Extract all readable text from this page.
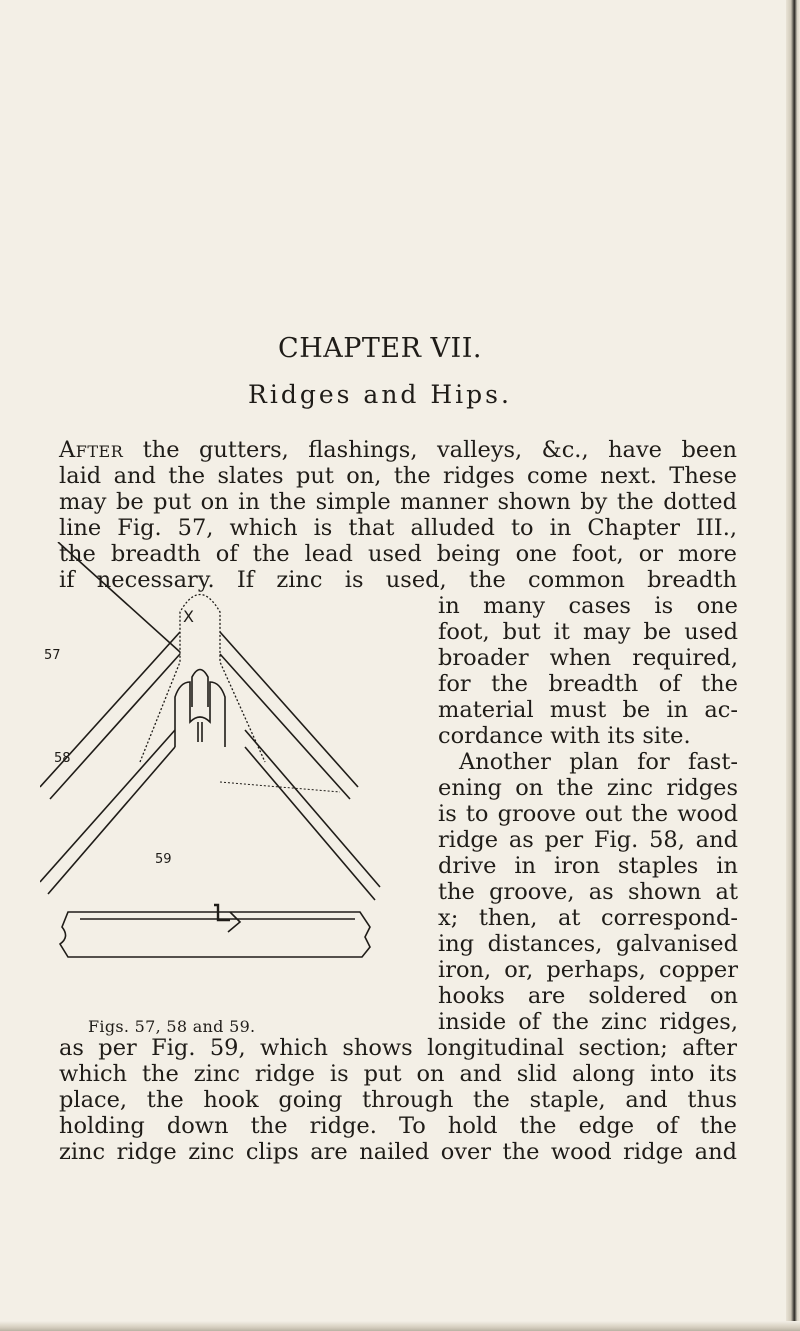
CHAPTER VII.
Ridges and Hips.
After the gutters, flashings, valleys, &c., have been
laid and the slates put on, the ridges come next. These
may be put on in the simple manner shown by the dotted
line Fig. 57, which is that alluded to in Chapter III.,
the breadth of the lead used being one foot, or more
if necessary. If zinc is used, the common breadth
in many cases is one
foot, but it may be used
broader when required,
for the breadth of the
material must be in ac-
cordance with its site.
Another plan for fast-
ening on the zinc ridges
is to groove out the wood
ridge as per Fig. 58, and
drive in iron staples in
the groove, as shown at
x; then, at correspond-
ing distances, galvanised
iron, or, perhaps, copper
hooks are soldered on
inside of the zinc ridges,
as per Fig. 59, which shows longitudinal section; after
which the zinc ridge is put on and slid along into its
place, the hook going through the staple, and thus
holding down the ridge. To hold the edge of the
zinc ridge zinc clips are nailed over the wood ridge and
57
58
59
X
Figs. 57, 58 and 59.
